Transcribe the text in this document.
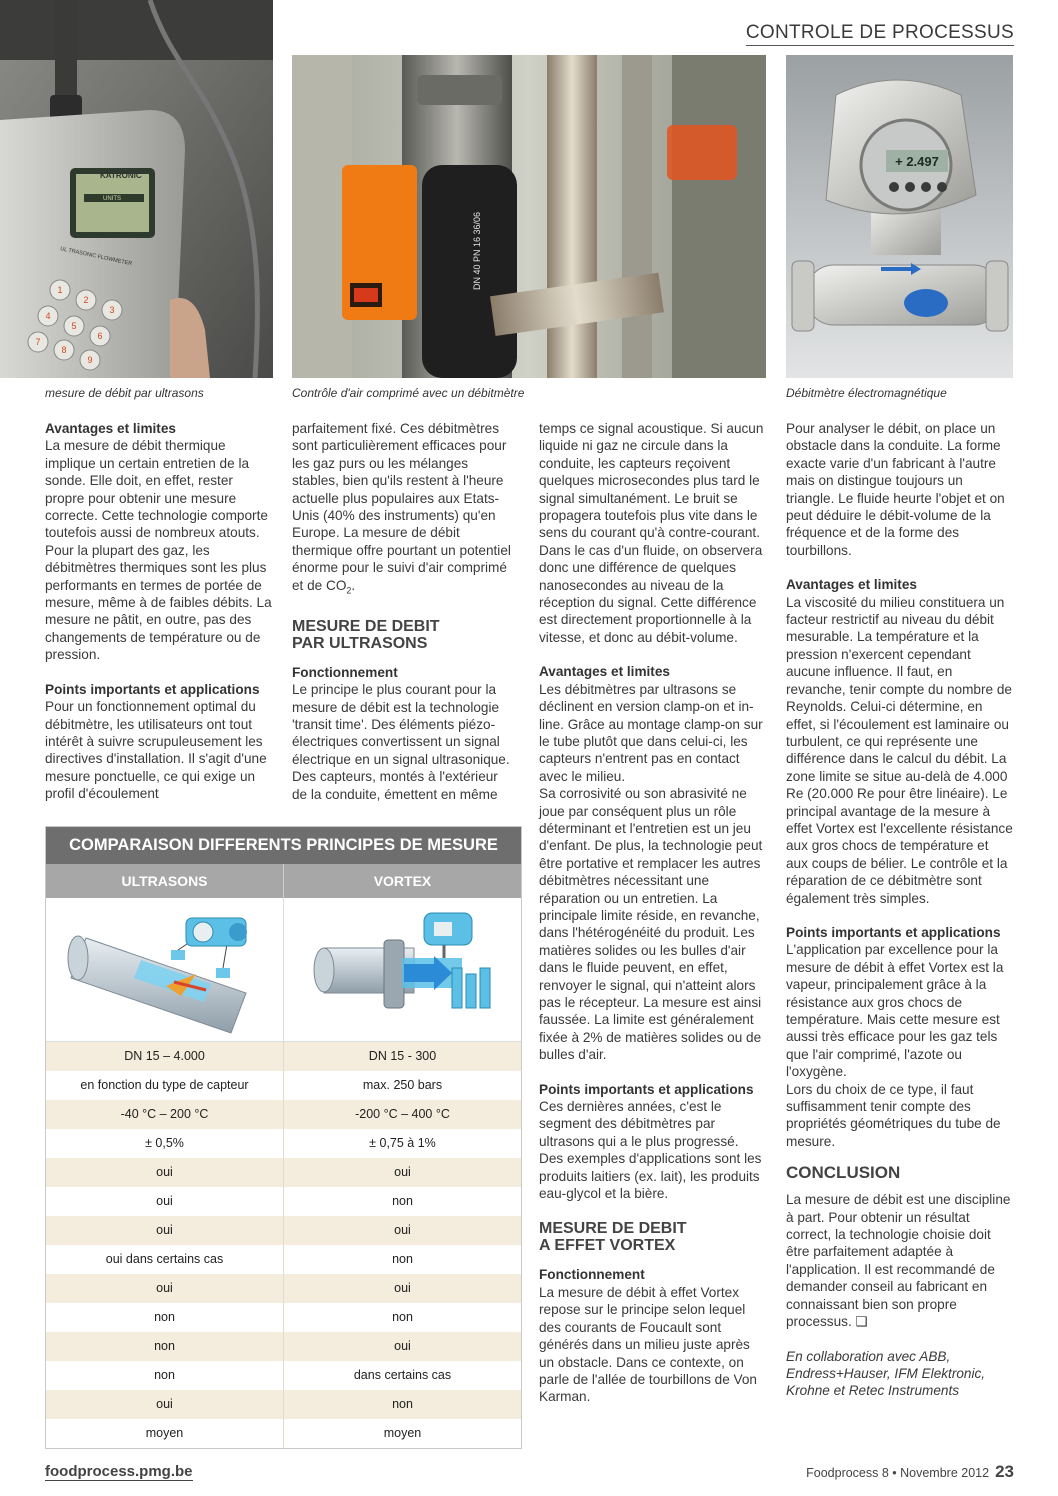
CONTROLE DE PROCESSUS
UNITS
KATRONIC
UL TRASONIC FLOWMETER
1
2
3
4
5
6
7
8
9
mesure de débit par ultrasons
DN 40 PN 16 36/06
Contrôle d'air comprimé avec un débitmètre
+ 2.497
Débitmètre électromagnétique

Avantages et limites

La mesure de débit thermique implique un certain entretien de la sonde. Elle doit, en effet, rester propre pour obtenir une mesure correcte. Cette technologie comporte toutefois aussi de nombreux atouts. Pour la plupart des gaz, les débitmètres thermiques sont les plus performants en termes de portée de mesure, même à de faibles débits. La mesure ne pâtit, en outre, pas des changements de température ou de pression.

Points importants et applications

Pour un fonctionnement optimal du débitmètre, les utilisateurs ont tout intérêt à suivre scrupuleusement les directives d'installation. Il s'agit d'une mesure ponctuelle, ce qui exige un profil d'écoulement

parfaitement fixé. Ces débitmètres sont particulièrement efficaces pour les gaz purs ou les mélanges stables, bien qu'ils restent à l'heure actuelle plus populaires aux Etats-Unis (40% des instruments) qu'en Europe. La mesure de débit thermique offre pourtant un potentiel énorme pour le suivi d'air comprimé et de $CO_2$.

MESURE DE DEBIT
PAR ULTRASONS

Fonctionnement

Le principe le plus courant pour la mesure de débit est la technologie 'transit time'. Des éléments piézo-électriques convertissent un signal électrique en un signal ultrasonique. Des capteurs, montés à l'extérieur de la conduite, émettent en même

temps ce signal acoustique. Si aucun liquide ni gaz ne circule dans la conduite, les capteurs reçoivent quelques microsecondes plus tard le signal simultanément. Le bruit se propagera toutefois plus vite dans le sens du courant qu'à contre-courant. Dans le cas d'un fluide, on observera donc une différence de quelques nanosecondes au niveau de la réception du signal. Cette différence est directement proportionnelle à la vitesse, et donc au débit-volume.

Avantages et limites

Les débitmètres par ultrasons se déclinent en version clamp-on et in-line. Grâce au montage clamp-on sur le tube plutôt que dans celui-ci, les capteurs n'entrent pas en contact avec le milieu.

Sa corrosivité ou son abrasivité ne joue par conséquent plus un rôle déterminant et l'entretien est un jeu d'enfant. De plus, la technologie peut être portative et remplacer les autres débitmètres nécessitant une réparation ou un entretien. La principale limite réside, en revanche, dans l'hétérogénéité du produit. Les matières solides ou les bulles d'air dans le fluide peuvent, en effet, renvoyer le signal, qui n'atteint alors pas le récepteur. La mesure est ainsi faussée. La limite est généralement fixée à 2% de matières solides ou de bulles d'air.

Points importants et applications

Ces dernières années, c'est le segment des débitmètres par ultrasons qui a le plus progressé. Des exemples d'applications sont les produits laitiers (ex. lait), les produits eau-glycol et la bière.

MESURE DE DEBIT
A EFFET VORTEX

Fonctionnement

La mesure de débit à effet Vortex repose sur le principe selon lequel des courants de Foucault sont générés dans un milieu juste après un obstacle. Dans ce contexte, on parle de l'allée de tourbillons de Von Karman.

Pour analyser le débit, on place un obstacle dans la conduite. La forme exacte varie d'un fabricant à l'autre mais on distingue toujours un triangle. Le fluide heurte l'objet et on peut déduire le débit-volume de la fréquence et de la forme des tourbillons.

Avantages et limites

La viscosité du milieu constituera un facteur restrictif au niveau du débit mesurable. La température et la pression n'exercent cependant aucune influence. Il faut, en revanche, tenir compte du nombre de Reynolds. Celui-ci détermine, en effet, si l'écoulement est laminaire ou turbulent, ce qui représente une différence dans le calcul du débit. La zone limite se situe au-delà de 4.000 Re (20.000 Re pour être linéaire). Le principal avantage de la mesure à effet Vortex est l'excellente résistance aux gros chocs de température et aux coups de bélier. Le contrôle et la réparation de ce débitmètre sont également très simples.

Points importants et applications

L'application par excellence pour la mesure de débit à effet Vortex est la vapeur, principalement grâce à la résistance aux gros chocs de température. Mais cette mesure est aussi très efficace pour les gaz tels que l'air comprimé, l'azote ou l'oxygène.

Lors du choix de ce type, il faut suffisamment tenir compte des propriétés géométriques du tube de mesure.

CONCLUSION

La mesure de débit est une discipline à part. Pour obtenir un résultat correct, la technologie choisie doit être parfaitement adaptée à l'application. Il est recommandé de demander conseil au fabricant en connaissant bien son propre processus. ❑

En collaboration avec ABB, Endress+Hauser, IFM Elektronic, Krohne et Retec Instruments

COMPARAISON DIFFERENTS PRINCIPES DE MESURE
ULTRASONS	VORTEX
DN 15 – 4.000	DN 15 - 300
en fonction du type de capteur	max. 250 bars
-40 °C – 200 °C	-200 °C – 400 °C
± 0,5%	± 0,75 à 1%
oui	oui
oui	non
oui	oui
oui dans certains cas	non
oui	oui
non	non
non	oui
non	dans certains cas
oui	non
moyen	moyen
foodprocess.pmg.be	Foodprocess 8 • Novembre 2012 23
